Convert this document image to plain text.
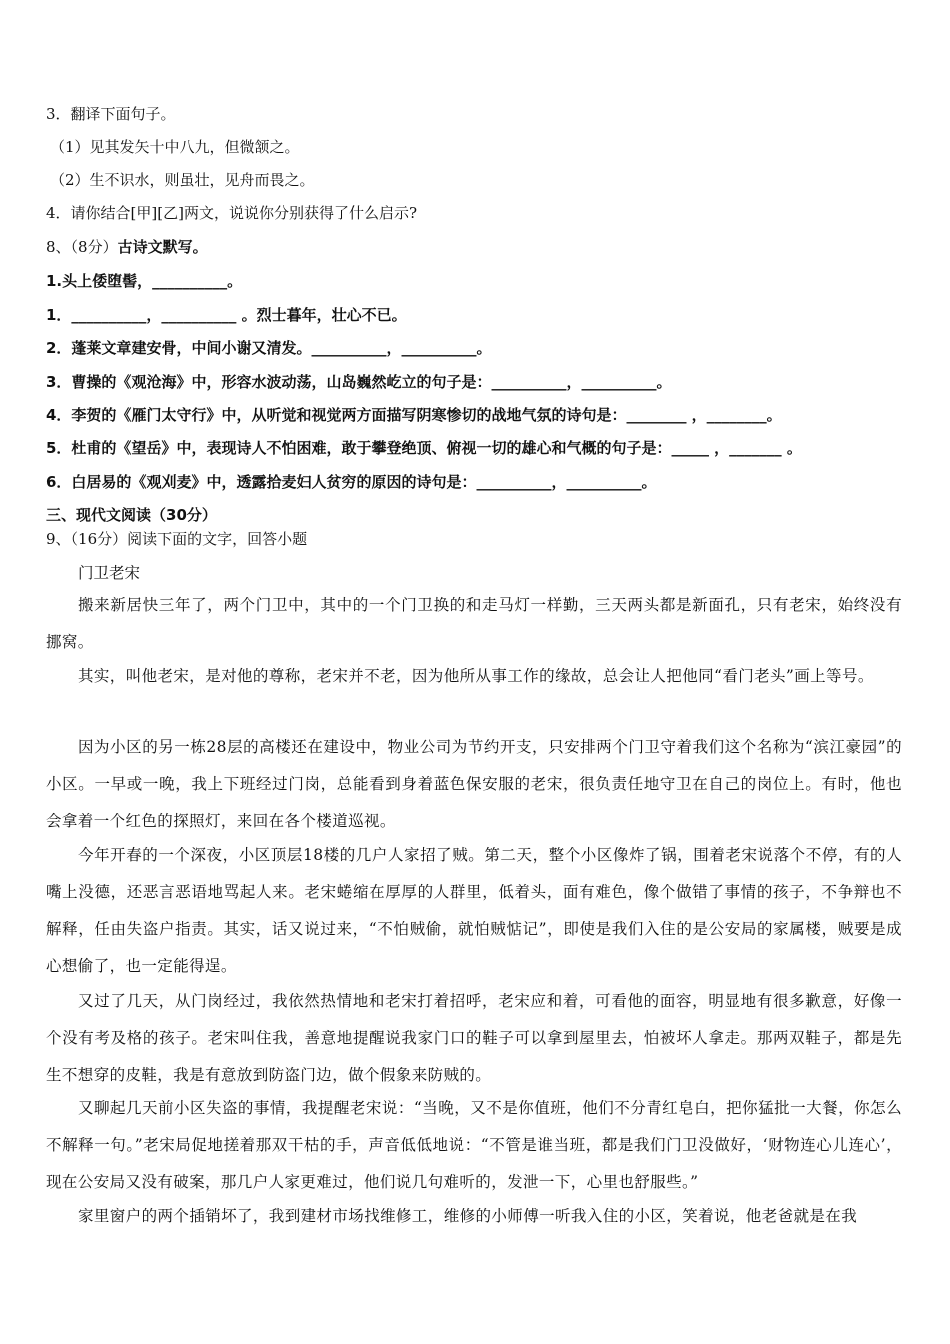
3．翻译下面句子。
（1）见其发矢十中八九，但微颔之。
（2）生不识水，则虽壮，见舟而畏之。
4．请你结合[甲][乙]两文，说说你分别获得了什么启示?
8、（8分）古诗文默写。
1.头上倭堕髻，__________。
1．__________，__________ 。烈士暮年，壮心不已。
2．蓬莱文章建安骨，中间小谢又清发。__________，__________。
3．曹操的《观沧海》中，形容水波动荡，山岛巍然屹立的句子是：__________，__________。
4．李贺的《雁门太守行》中，从听觉和视觉两方面描写阴寒惨切的战地气氛的诗句是：________ ，________。
5．杜甫的《望岳》中，表现诗人不怕困难，敢于攀登绝顶、俯视一切的雄心和气概的句子是：_____ ，_______ 。
6．白居易的《观刈麦》中，透露拾麦妇人贫穷的原因的诗句是：__________，__________。
三、现代文阅读（30分）
9、（16分）阅读下面的文字，回答小题
门卫老宋
搬来新居快三年了，两个门卫中，其中的一个门卫换的和走马灯一样勤，三天两头都是新面孔，只有老宋，始终没有挪窝。
其实，叫他老宋，是对他的尊称，老宋并不老，因为他所从事工作的缘故，总会让人把他同“看门老头”画上等号。
因为小区的另一栋28层的高楼还在建设中，物业公司为节约开支，只安排两个门卫守着我们这个名称为“滨江豪园”的小区。一早或一晚，我上下班经过门岗，总能看到身着蓝色保安服的老宋，很负责任地守卫在自己的岗位上。有时，他也会拿着一个红色的探照灯，来回在各个楼道巡视。
今年开春的一个深夜，小区顶层18楼的几户人家招了贼。第二天，整个小区像炸了锅，围着老宋说落个不停，有的人嘴上没德，还恶言恶语地骂起人来。老宋蜷缩在厚厚的人群里，低着头，面有难色，像个做错了事情的孩子，不争辩也不解释，任由失盗户指责。其实，话又说过来，“不怕贼偷，就怕贼惦记”，即使是我们入住的是公安局的家属楼，贼要是成心想偷了，也一定能得逞。
又过了几天，从门岗经过，我依然热情地和老宋打着招呼，老宋应和着，可看他的面容，明显地有很多歉意，好像一个没有考及格的孩子。老宋叫住我，善意地提醒说我家门口的鞋子可以拿到屋里去，怕被坏人拿走。那两双鞋子，都是先生不想穿的皮鞋，我是有意放到防盗门边，做个假象来防贼的。
又聊起几天前小区失盗的事情，我提醒老宋说：“当晚，又不是你值班，他们不分青红皂白，把你猛批一大餐，你怎么不解释一句。”老宋局促地搓着那双干枯的手，声音低低地说：“不管是谁当班，都是我们门卫没做好，‘财物连心儿连心’，现在公安局又没有破案，那几户人家更难过，他们说几句难听的，发泄一下，心里也舒服些。”
家里窗户的两个插销坏了，我到建材市场找维修工，维修的小师傅一听我入住的小区，笑着说，他老爸就是在我
